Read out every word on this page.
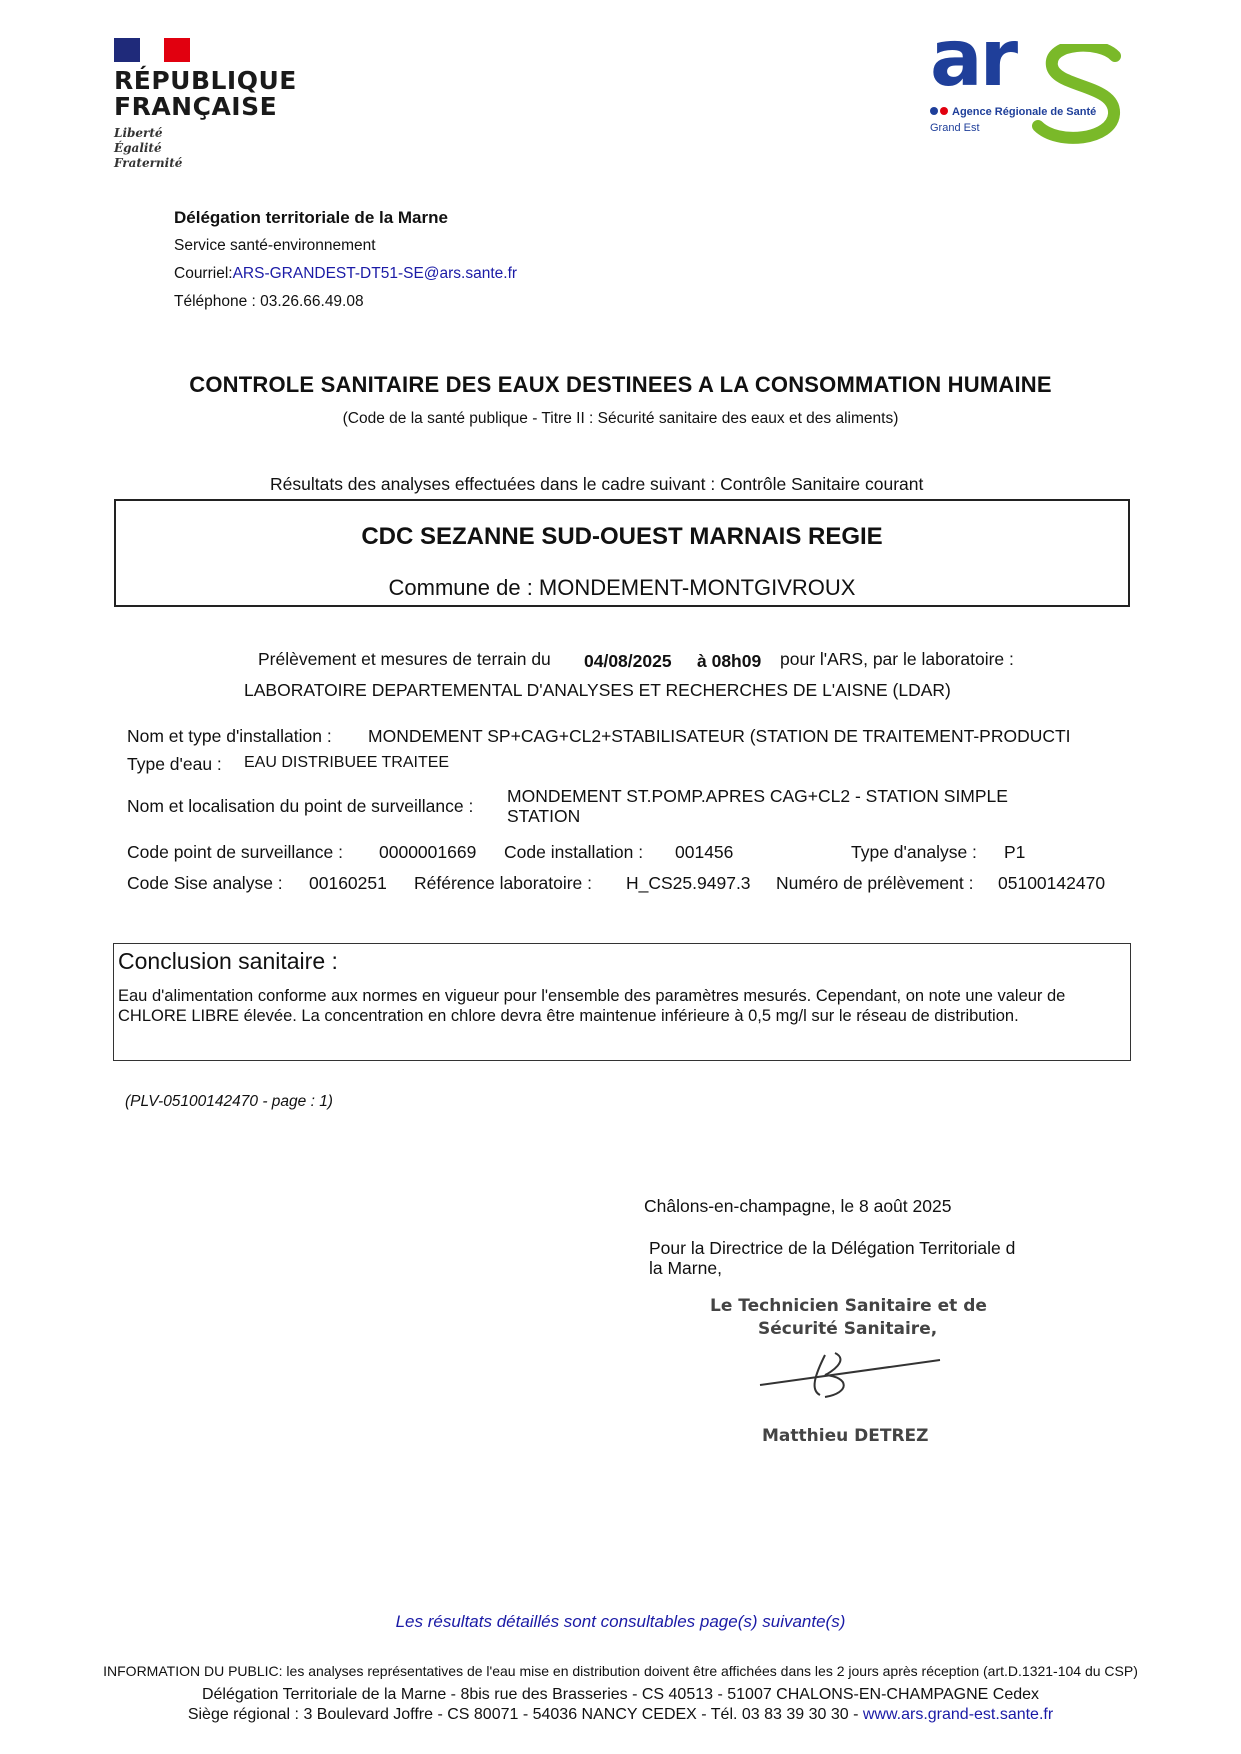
RÉPUBLIQUE
FRANÇAISE
Liberté
Égalité
Fraternité
ar
Agence Régionale de Santé
Grand Est
Délégation territoriale de la Marne
Service santé-environnement
Courriel:ARS-GRANDEST-DT51-SE@ars.sante.fr
Téléphone : 03.26.66.49.08
CONTROLE SANITAIRE DES EAUX DESTINEES A LA CONSOMMATION HUMAINE
(Code de la santé publique - Titre II : Sécurité sanitaire des eaux et des aliments)
Résultats des analyses effectuées dans le cadre suivant : Contrôle Sanitaire courant
CDC SEZANNE SUD-OUEST MARNAIS REGIE
Commune de : MONDEMENT-MONTGIVROUX
Prélèvement et mesures de terrain du 04/08/2025 à 08h09 pour l'ARS, par le laboratoire :
LABORATOIRE DEPARTEMENTAL D'ANALYSES ET RECHERCHES DE L'AISNE (LDAR)
Nom et type d'installation : MONDEMENT SP+CAG+CL2+STABILISATEUR (STATION DE TRAITEMENT-PRODUCTI
Type d'eau : EAU DISTRIBUEE TRAITEE
Nom et localisation du point de surveillance :	MONDEMENT ST.POMP.APRES CAG+CL2 - STATION SIMPLE
STATION
Code point de surveillance : 0000001669 Code installation : 001456	Type d'analyse : P1
Code Sise analyse : 00160251 Référence laboratoire : H_CS25.9497.3 Numéro de prélèvement : 05100142470
Conclusion sanitaire :
Eau d'alimentation conforme aux normes en vigueur pour l'ensemble des paramètres mesurés. Cependant, on note une valeur de CHLORE LIBRE élevée. La concentration en chlore devra être maintenue inférieure à 0,5 mg/l sur le réseau de distribution.
(PLV-05100142470 - page : 1)
Châlons-en-champagne, le 8 août 2025
Pour la Directrice de la Délégation Territoriale d
la Marne,
Le Technicien Sanitaire et de
Sécurité Sanitaire,
Matthieu DETREZ
Les résultats détaillés sont consultables page(s) suivante(s)
INFORMATION DU PUBLIC: les analyses représentatives de l'eau mise en distribution doivent être affichées dans les 2 jours après réception (art.D.1321-104 du CSP)
Délégation Territoriale de la Marne - 8bis rue des Brasseries - CS 40513 - 51007 CHALONS-EN-CHAMPAGNE Cedex
Siège régional : 3 Boulevard Joffre - CS 80071 - 54036 NANCY CEDEX - Tél. 03 83 39 30 30 - www.ars.grand-est.sante.fr
